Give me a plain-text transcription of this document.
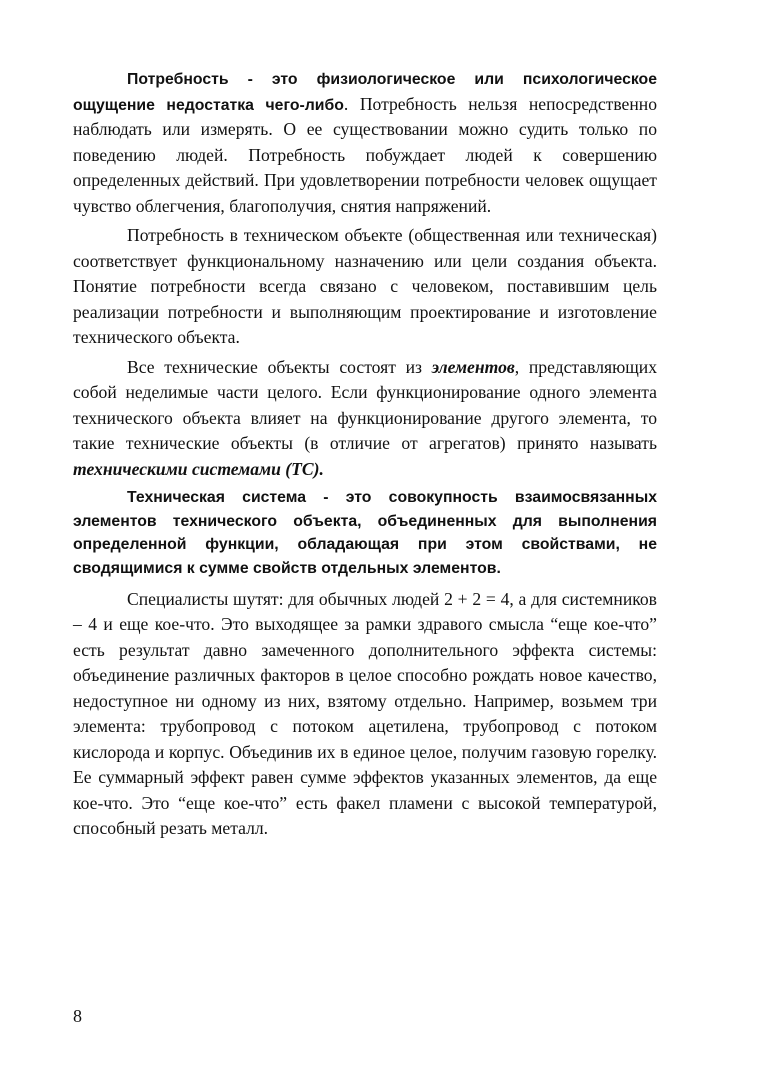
Потребность - это физиологическое или психологическое ощущение недостатка чего-либо. Потребность нельзя непосредственно наблюдать или измерять. О ее существовании можно судить только по поведению людей. Потребность побуждает людей к совершению определенных действий. При удовлетворении потребности человек ощущает чувство облегчения, благополучия, снятия напряжений.

Потребность в техническом объекте (общественная или техническая) соответствует функциональному назначению или цели создания объекта. Понятие потребности всегда связано с человеком, поставившим цель реализации потребности и выполняющим проектирование и изготовление технического объекта.

Все технические объекты состоят из элементов, представляющих собой неделимые части целого. Если функционирование одного элемента технического объекта влияет на функционирование другого элемента, то такие технические объекты (в отличие от агрегатов) принято называть техническими системами (ТС).

Техническая система - это совокупность взаимосвязанных элементов технического объекта, объединенных для выполнения определенной функции, обладающая при этом свойствами, не сводящимися к сумме свойств отдельных элементов.

Специалисты шутят: для обычных людей 2 + 2 = 4, а для системников – 4 и еще кое-что. Это выходящее за рамки здравого смысла “еще кое-что” есть результат давно замеченного дополнительного эффекта системы: объединение различных факторов в целое способно рождать новое качество, недоступное ни одному из них, взятому отдельно. Например, возьмем три элемента: трубопровод с потоком ацетилена, трубопровод с потоком кислорода и корпус. Объединив их в единое целое, получим газовую горелку. Ее суммарный эффект равен сумме эффектов указанных элементов, да еще кое-что. Это “еще кое-что” есть факел пламени с высокой температурой, способный резать металл.

8
